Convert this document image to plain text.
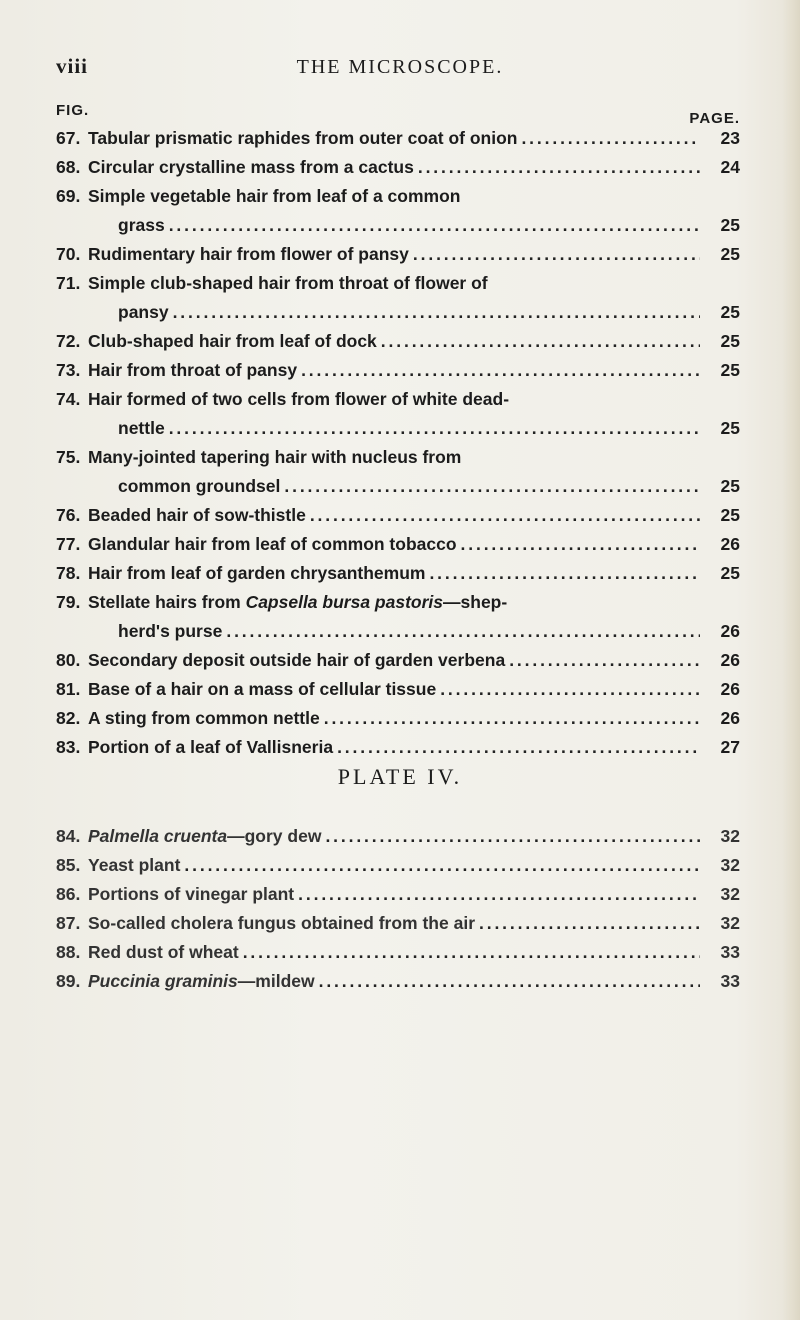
viii	THE MICROSCOPE.
FIG.	PAGE.
67. Tabular prismatic raphides from outer coat of onion . . .	23
68. Circular crystalline mass from a cactus . . .	24
69. Simple vegetable hair from leaf of a common
grass . . .	25
70. Rudimentary hair from flower of pansy . . .	25
71. Simple club-shaped hair from throat of flower of
pansy . . .	25
72. Club-shaped hair from leaf of dock . . .	25
73. Hair from throat of pansy . . .	25
74. Hair formed of two cells from flower of white dead-
nettle . . .	25
75. Many-jointed tapering hair with nucleus from
common groundsel . . .	25
76. Beaded hair of sow-thistle . . .	25
77. Glandular hair from leaf of common tobacco . . .	26
78. Hair from leaf of garden chrysanthemum . . .	25
79. Stellate hairs from Capsella bursa pastoris—shep-
herd's purse . . .	26
80. Secondary deposit outside hair of garden verbena . . .	26
81. Base of a hair on a mass of cellular tissue . . .	26
82. A sting from common nettle . . .	26
83. Portion of a leaf of Vallisneria . . .	27
PLATE IV.
84. Palmella cruenta—gory dew . . .	32
85. Yeast plant . . .	32
86. Portions of vinegar plant . . .	32
87. So-called cholera fungus obtained from the air . . .	32
88. Red dust of wheat . . .	33
89. Puccinia graminis—mildew . . .	33
